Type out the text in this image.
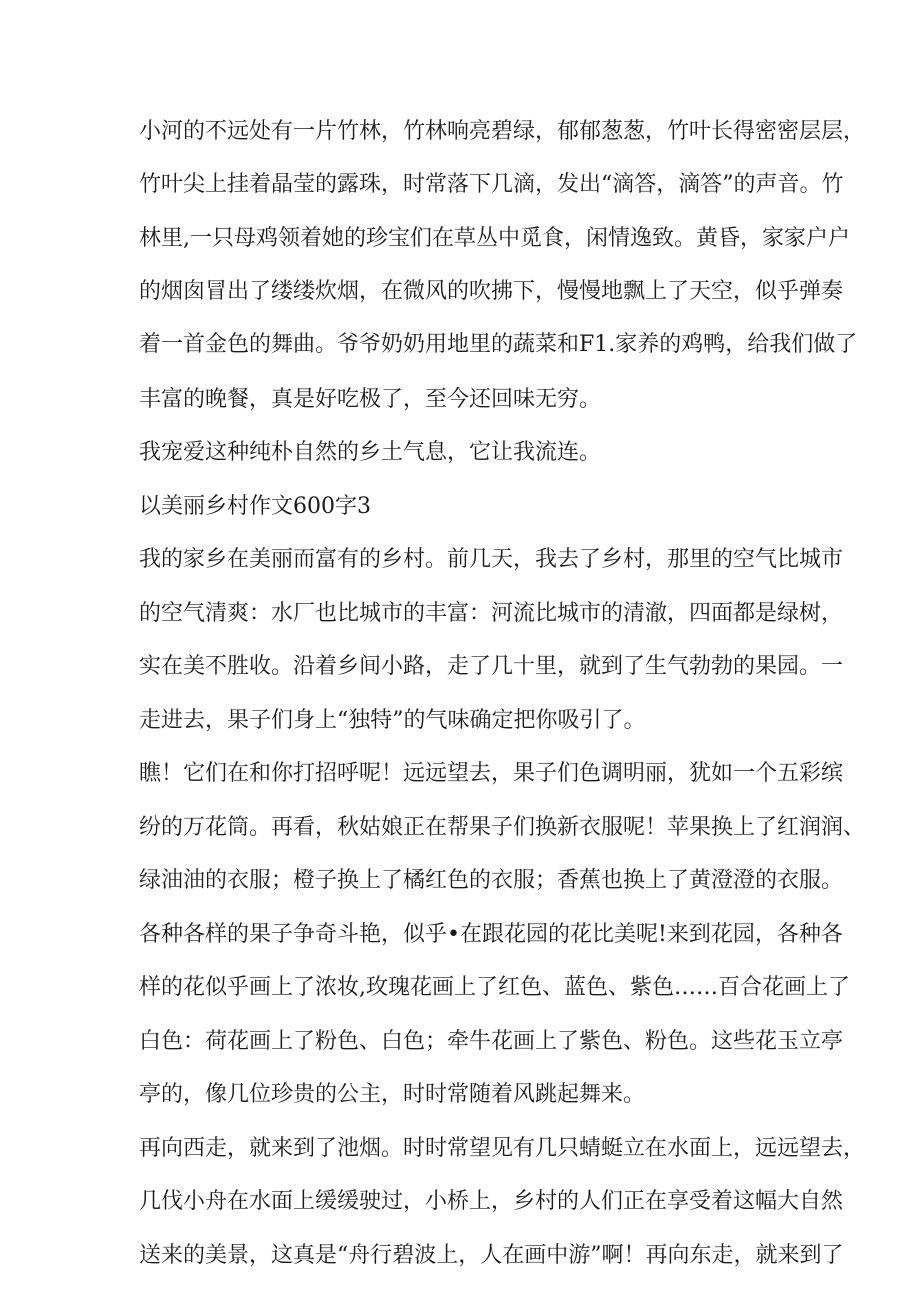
小河的不远处有一片竹林，竹林响亮碧绿，郁郁葱葱，竹叶长得密密层层，
竹叶尖上挂着晶莹的露珠，时常落下几滴，发出“滴答，滴答”的声音。竹
林里,一只母鸡领着她的珍宝们在草丛中觅食，闲情逸致。黄昏，家家户户
的烟囱冒出了缕缕炊烟，在微风的吹拂下，慢慢地飘上了天空，似乎弹奏
着一首金色的舞曲。爷爷奶奶用地里的蔬菜和F1.家养的鸡鸭，给我们做了
丰富的晚餐，真是好吃极了，至今还回味无穷。
我宠爱这种纯朴自然的乡土气息，它让我流连。
以美丽乡村作文600字3
我的家乡在美丽而富有的乡村。前几天，我去了乡村，那里的空气比城市
的空气清爽：水厂也比城市的丰富：河流比城市的清澈，四面都是绿树，
实在美不胜收。沿着乡间小路，走了几十里，就到了生气勃勃的果园。一
走进去，果子们身上“独特”的气味确定把你吸引了。
瞧！它们在和你打招呼呢！远远望去，果子们色调明丽，犹如一个五彩缤
纷的万花筒。再看，秋姑娘正在帮果子们换新衣服呢！苹果换上了红润润、
绿油油的衣服；橙子换上了橘红色的衣服；香蕉也换上了黄澄澄的衣服。
各种各样的果子争奇斗艳，似乎•在跟花园的花比美呢!来到花园，各种各
样的花似乎画上了浓妆,玫瑰花画上了红色、蓝色、紫色……百合花画上了
白色：荷花画上了粉色、白色；牵牛花画上了紫色、粉色。这些花玉立亭
亭的，像几位珍贵的公主，时时常随着风跳起舞来。
再向西走，就来到了池烟。时时常望见有几只蜻蜓立在水面上，远远望去，
几伐小舟在水面上缓缓驶过，小桥上，乡村的人们正在享受着这幅大自然
送来的美景，这真是“舟行碧波上，人在画中游”啊！再向东走，就来到了
